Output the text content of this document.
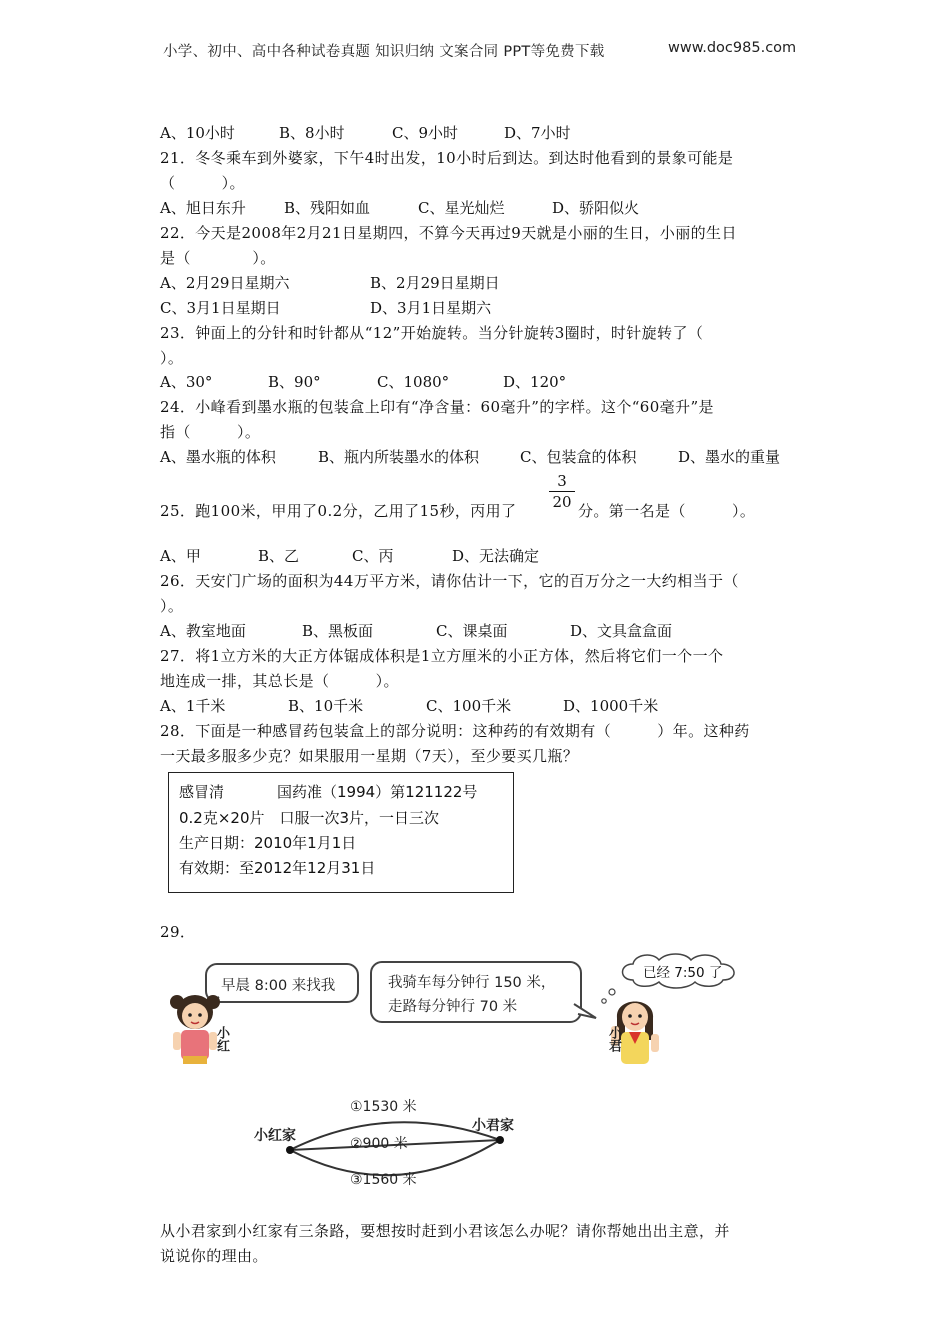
小学、初中、高中各种试卷真题 知识归纳 文案合同 PPT等免费下载	www.doc985.com
A、10小时	B、8小时	C、9小时	D、7小时
21．冬冬乘车到外婆家，下午4时出发，10小时后到达。到达时他看到的景象可能是
（　　　）。
A、旭日东升	B、残阳如血	C、星光灿烂	D、骄阳似火
22．今天是2008年2月21日星期四，不算今天再过9天就是小丽的生日，小丽的生日
是（　　　　）。
A、2月29日星期六	B、2月29日星期日
C、3月1日星期日	D、3月1日星期六
23．钟面上的分针和时针都从“12”开始旋转。当分针旋转3圈时，时针旋转了（
）。
A、30°	B、90°	C、1080°	D、120°
24．小峰看到墨水瓶的包装盒上印有“净含量：60毫升”的字样。这个“60毫升”是
指（　　　）。
A、墨水瓶的体积	B、瓶内所装墨水的体积	C、包装盒的体积	D、墨水的重量
25．跑100米，甲用了0.2分，乙用了15秒，丙用了
3
20 分。第一名是（　　　）。
A、甲	B、乙	C、丙	D、无法确定
26．天安门广场的面积为44万平方米，请你估计一下，它的百万分之一大约相当于（
）。
A、教室地面	B、黑板面	C、课桌面	D、文具盒盒面
27．将1立方米的大正方体锯成体积是1立方厘米的小正方体，然后将它们一个一个
地连成一排，其总长是（　　　）。
A、1千米	B、10千米	C、100千米	D、1000千米
28．下面是一种感冒药包装盒上的部分说明：这种药的有效期有（　　　）年。这种药
一天最多服多少克？如果服用一星期（7天），至少要买几瓶？
感冒清	国药准（1994）第121122号
0.2克×20片　口服一次3片，一日三次
生产日期：2010年1月1日
有效期：至2012年12月31日
29．
早晨 8:00 来找我	我骑车每分钟行 150 米，
走路每分钟行 70 米
已经 7:50 了
小红	小君
小红家
小君家
①1530 米
②900 米
③1560 米
从小君家到小红家有三条路，要想按时赶到小君该怎么办呢？请你帮她出出主意，并
说说你的理由。
